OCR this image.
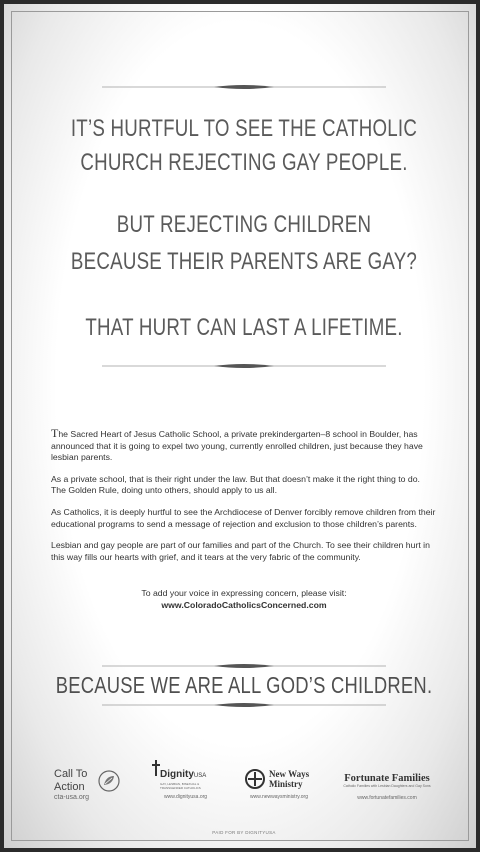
IT’S HURTFUL TO SEE THE CATHOLIC
CHURCH REJECTING GAY PEOPLE.
BUT REJECTING CHILDREN
BECAUSE THEIR PARENTS ARE GAY?
THAT HURT CAN LAST A LIFETIME.

The Sacred Heart of Jesus Catholic School, a private prekindergarten–8 school in Boulder, has announced that it is going to expel two young, currently enrolled children, just because they have lesbian parents.

As a private school, that is their right under the law. But that doesn’t make it the right thing to do. The Golden Rule, doing unto others, should apply to us all.

As Catholics, it is deeply hurtful to see the Archdiocese of Denver forcibly remove children from their educational programs to send a message of rejection and exclusion to those children’s parents.

Lesbian and gay people are part of our families and part of the Church. To see their children hurt in this way fills our hearts with grief, and it tears at the very fabric of the community.

To add your voice in expressing concern, please visit:
www.ColoradoCatholicsConcerned.com
BECAUSE WE ARE ALL GOD’S CHILDREN.
Call To
Action
cta-usa.org
DignityUSA
GAY, LESBIAN, BISEXUAL & TRANSGENDER CATHOLICS
www.dignityusa.org
New Ways
Ministry
www.newwaysministry.org
Fortunate Families
Catholic Families with Lesbian Daughters and Gay Sons
www.fortunatefamilies.com
PAID FOR BY DIGNITYUSA
